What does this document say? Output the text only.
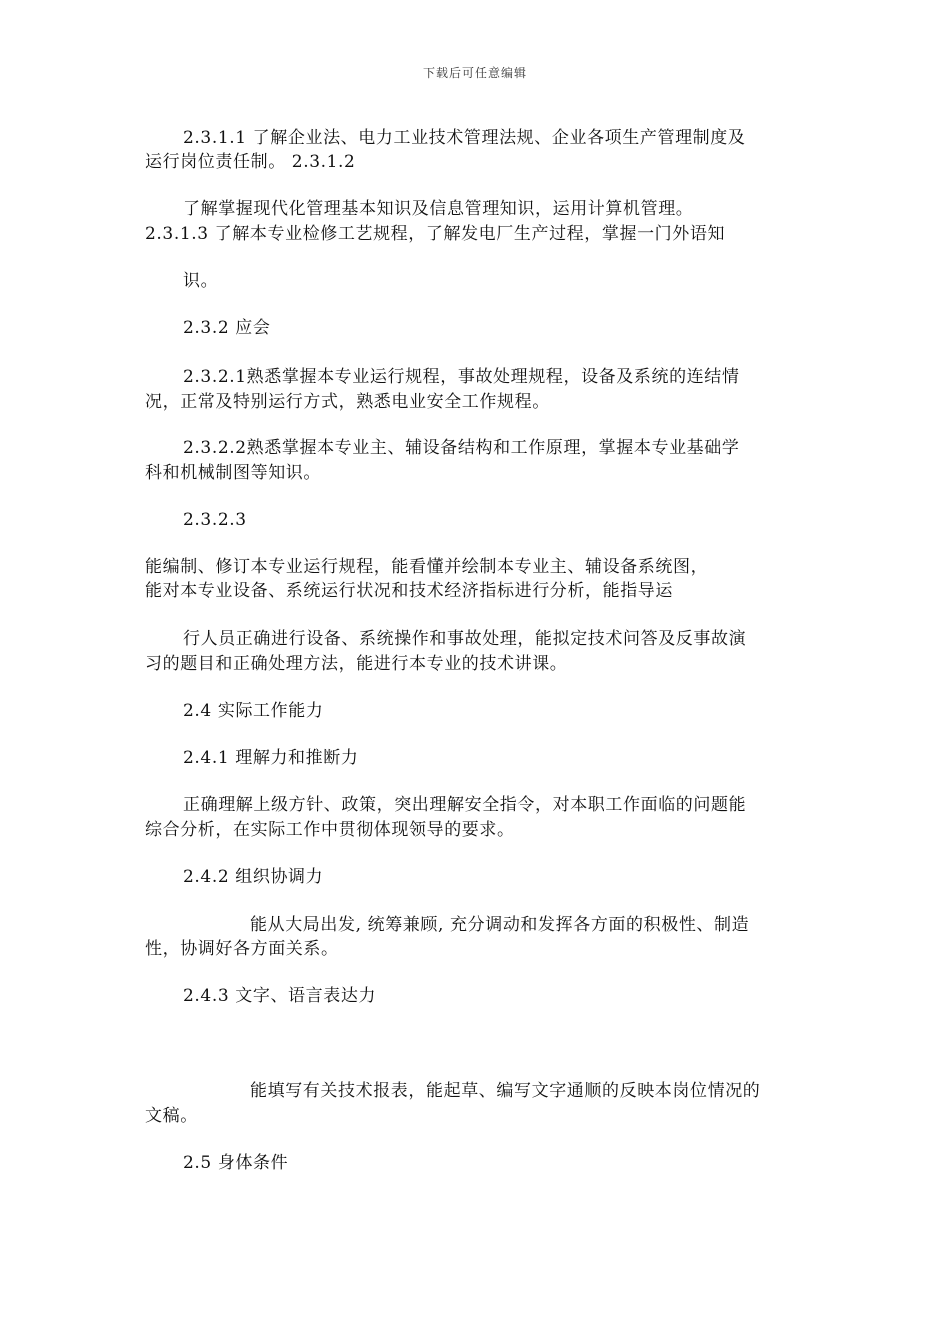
下载后可任意编辑
2.3.1.1 了解企业法、电力工业技术管理法规、企业各项生产管理制度及
运行岗位责任制。 2.3.1.2
了解掌握现代化管理基本知识及信息管理知识，运用计算机管理。
2.3.1.3 了解本专业检修工艺规程，了解发电厂生产过程，掌握一门外语知
识。
2.3.2 应会
2.3.2.1熟悉掌握本专业运行规程，事故处理规程，设备及系统的连结情
况，正常及特别运行方式，熟悉电业安全工作规程。
2.3.2.2熟悉掌握本专业主、辅设备结构和工作原理，掌握本专业基础学
科和机械制图等知识。
2.3.2.3
能编制、修订本专业运行规程，能看懂并绘制本专业主、辅设备系统图，
能对本专业设备、系统运行状况和技术经济指标进行分析，能指导运
行人员正确进行设备、系统操作和事故处理，能拟定技术问答及反事故演
习的题目和正确处理方法，能进行本专业的技术讲课。
2.4 实际工作能力
2.4.1 理解力和推断力
正确理解上级方针、政策，突出理解安全指令，对本职工作面临的问题能
综合分析，在实际工作中贯彻体现领导的要求。
2.4.2 组织协调力
能从大局出发, 统筹兼顾, 充分调动和发挥各方面的积极性、制造
性，协调好各方面关系。
2.4.3 文字、语言表达力
能填写有关技术报表，能起草、编写文字通顺的反映本岗位情况的
文稿。
2.5 身体条件
